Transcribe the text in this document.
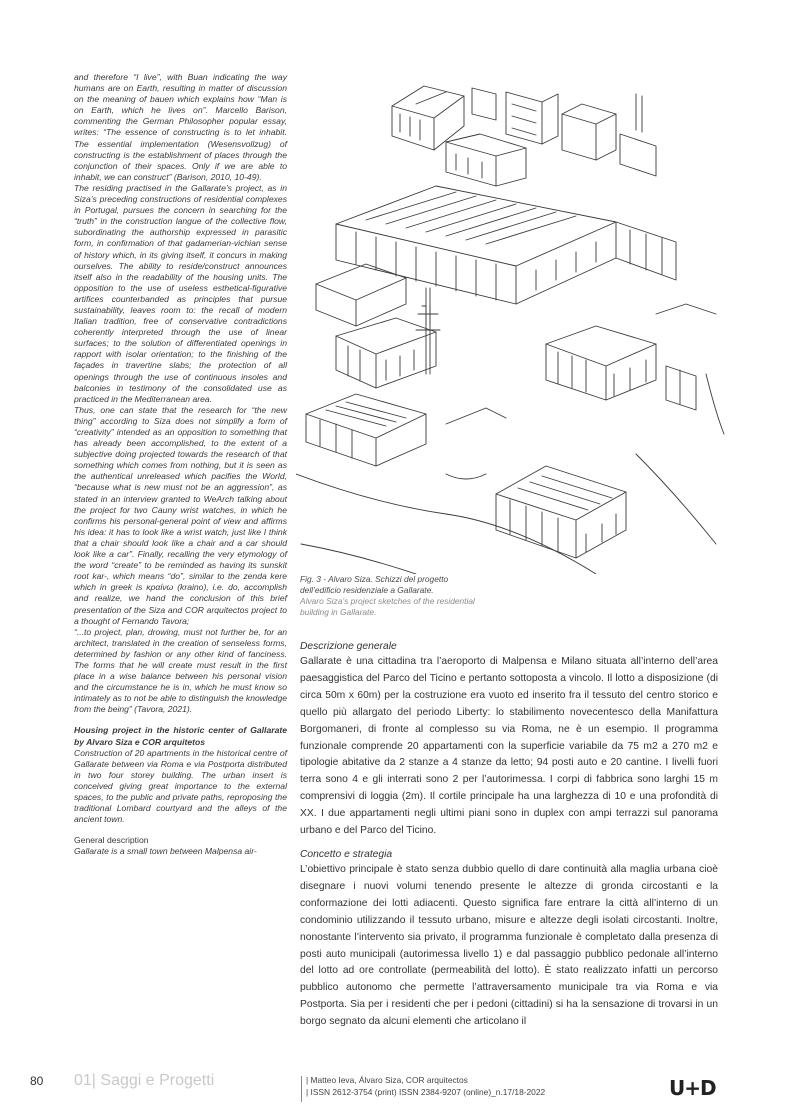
and therefore “I live”, with Buan indicating the way humans are on Earth, resulting in matter of discussion on the meaning of bauen which explains how “Man is on Earth, which he lives on”. Marcello Barison, commenting the German Philosopher popular essay, writes: “The essence of constructing is to let inhabit. The essential implementation (Wesensvollzug) of constructing is the establishment of places through the conjunction of their spaces. Only if we are able to inhabit, we can construct” (Barison, 2010, 10-49).

The residing practised in the Gallarate’s project, as in Siza’s preceding constructions of residential complexes in Portugal, pursues the concern in searching for the “truth” in the construction langue of the collective flow, subordinating the authorship expressed in parasitic form, in confirmation of that gadamerian-vichian sense of history which, in its giving itself, it concurs in making ourselves. The ability to reside/construct announces itself also in the readability of the housing units. The opposition to the use of useless esthetical-figurative artifices counterbanded as principles that pursue sustainability, leaves room to: the recall of modern Italian tradition, free of conservative contradictions coherently interpreted through the use of linear surfaces; to the solution of differentiated openings in rapport with isolar orientation; to the finishing of the façades in travertine slabs; the protection of all openings through the use of continuous insoles and balconies in testimony of the consolidated use as practiced in the Mediterranean area.

Thus, one can state that the research for “the new thing” according to Siza does not simplify a form of “creativity” intended as an opposition to something that has already been accomplished, to the extent of a subjective doing projected towards the research of that something which comes from nothing, but it is seen as the authentical unreleased which pacifies the World, “because what is new must not be an aggression”, as stated in an interview granted to WeArch talking about the project for two Cauny wrist watches, in which he confirms his personal-general point of view and affirms his idea: it has to look like a wrist watch, just like I think that a chair should look like a chair and a car should look like a car”. Finally, recalling the very etymology of the word “create” to be reminded as having its sunskit root kar-, which means “do”, similar to the zenda kere which in greek is κραίνω (kraino), i.e. do, accomplish and realize, we hand the conclusion of this brief presentation of the Siza and COR arquitectos project to a thought of Fernando Tavora;

“...to project, plan, drowing, must not further be, for an architect, translated in the creation of senseless forms, determined by fashion or any other kind of fanciness. The forms that he will create must result in the first place in a wise balance between his personal vision and the circumstance he is in, which he must know so intimately as to not be able to distinguish the knowledge from the being” (Tavora, 2021).

Housing project in the historic center of Gallarate by Alvaro Siza e COR arquitetos

Construction of 20 apartments in the historical centre of Gallarate between via Roma e via Postporta distributed in two four storey building. The urban insert is conceived giving great importance to the external spaces, to the public and private paths, reproposing the traditional Lombard courtyard and the alleys of the ancient town.

General description

Gallarate is a small town between Malpensa air-

Fig. 3 - Alvaro Siza. Schizzi del progetto dell’edificio residenziale a Gallarate.
Alvaro Siza’s project sketches of the residential building in Gallarate.
Descrizione generale

Gallarate è una cittadina tra l’aeroporto di Malpensa e Milano situata all’interno dell’area paesaggistica del Parco del Ticino e pertanto sottoposta a vincolo. Il lotto a disposizione (di circa 50m x 60m) per la costruzione era vuoto ed inserito fra il tessuto del centro storico e quello più allargato del periodo Liberty: lo stabilimento novecentesco della Manifattura Borgomaneri, di fronte al complesso su via Roma, ne è un esempio. Il programma funzionale comprende 20 appartamenti con la superficie variabile da 75 m2 a 270 m2 e tipologie abitative da 2 stanze a 4 stanze da letto; 94 posti auto e 20 cantine. I livelli fuori terra sono 4 e gli interrati sono 2 per l’autorimessa. I corpi di fabbrica sono larghi 15 m comprensivi di loggia (2m). Il cortile principale ha una larghezza di 10 e una profondità di XX. I due appartamenti negli ultimi piani sono in duplex con ampi terrazzi sul panorama urbano e del Parco del Ticino.

Concetto e strategia

L’obiettivo principale è stato senza dubbio quello di dare continuità alla maglia urbana cioè disegnare i nuovi volumi tenendo presente le altezze di gronda circostanti e la conformazione dei lotti adiacenti. Questo significa fare entrare la città all’interno di un condominio utilizzando il tessuto urbano, misure e altezze degli isolati circostanti. Inoltre, nonostante l’intervento sia privato, il programma funzionale è completato dalla presenza di posti auto municipali (autorimessa livello 1) e dal passaggio pubblico pedonale all’interno del lotto ad ore controllate (permeabilità del lotto). È stato realizzato infatti un percorso pubblico autonomo che permette l’attraversamento municipale tra via Roma e via Postporta. Sia per i residenti che per i pedoni (cittadini) si ha la sensazione di trovarsi in un borgo segnato da alcuni elementi che articolano il

80 01| Saggi e Progetti	| Matteo Ieva, Álvaro Siza, COR arquitectos
| ISSN 2612-3754 (print) ISSN 2384-9207 (online)_n.17/18-2022	U+D
